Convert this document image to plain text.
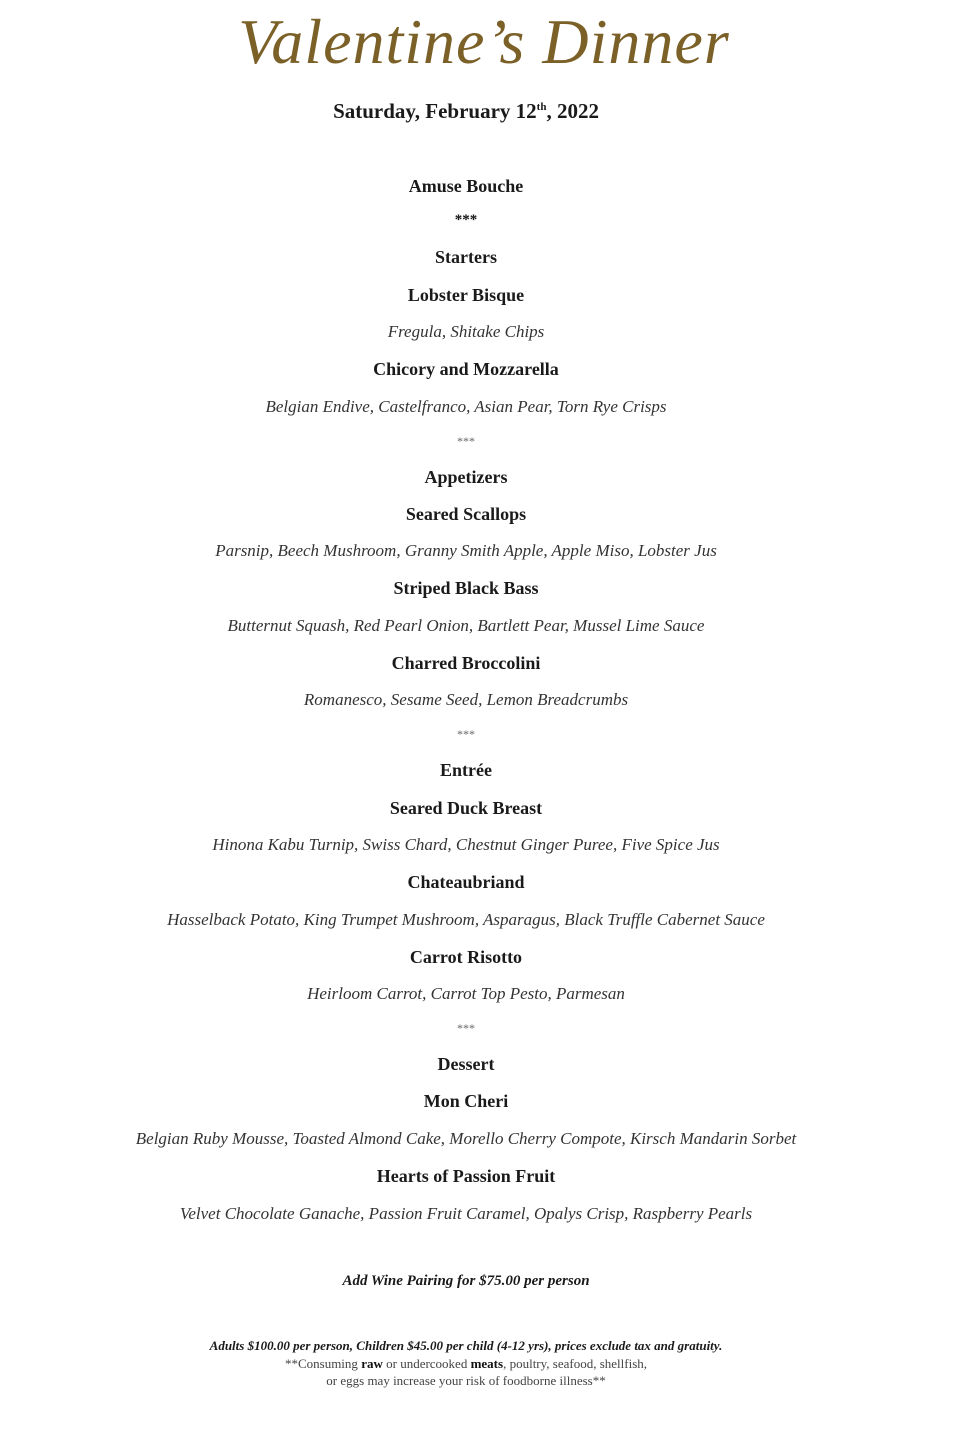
Valentine’s Dinner
Saturday, February 12th, 2022
Amuse Bouche
***
Starters
Lobster Bisque
Fregula, Shitake Chips
Chicory and Mozzarella
Belgian Endive, Castelfranco, Asian Pear, Torn Rye Crisps
***
Appetizers
Seared Scallops
Parsnip, Beech Mushroom, Granny Smith Apple, Apple Miso, Lobster Jus
Striped Black Bass
Butternut Squash, Red Pearl Onion, Bartlett Pear, Mussel Lime Sauce
Charred Broccolini
Romanesco, Sesame Seed, Lemon Breadcrumbs
***
Entrée
Seared Duck Breast
Hinona Kabu Turnip, Swiss Chard, Chestnut Ginger Puree, Five Spice Jus
Chateaubriand
Hasselback Potato, King Trumpet Mushroom, Asparagus, Black Truffle Cabernet Sauce
Carrot Risotto
Heirloom Carrot, Carrot Top Pesto, Parmesan
***
Dessert
Mon Cheri
Belgian Ruby Mousse, Toasted Almond Cake, Morello Cherry Compote, Kirsch Mandarin Sorbet
Hearts of Passion Fruit
Velvet Chocolate Ganache, Passion Fruit Caramel, Opalys Crisp, Raspberry Pearls
Add Wine Pairing for $75.00 per person
Adults $100.00 per person, Children $45.00 per child (4-12 yrs), prices exclude tax and gratuity.
**Consuming raw or undercooked meats, poultry, seafood, shellfish,
or eggs may increase your risk of foodborne illness**
